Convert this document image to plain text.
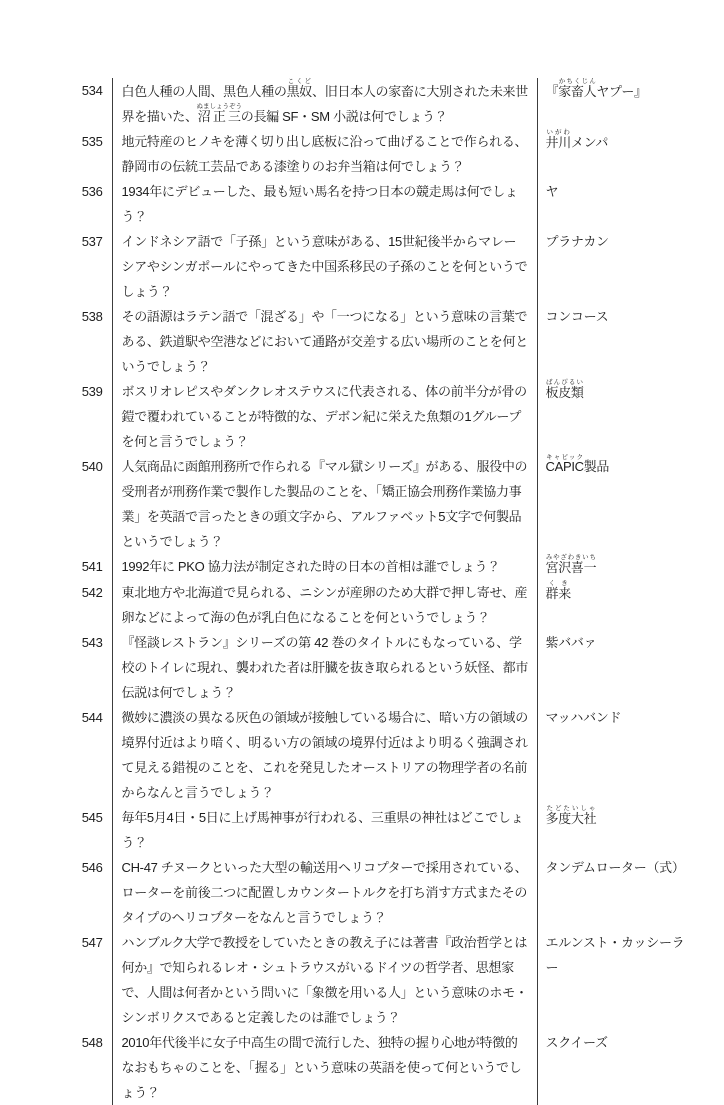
534	白色人種の人間、黒色人種の黒奴こくど、旧日本人の家畜に大別された未来世界を描いた、沼正三ぬましょうぞうの長編 SF・SM 小説は何でしょう？	『家畜人かちくじんヤプー』
535	地元特産のヒノキを薄く切り出し底板に沿って曲げることで作られる、静岡市の伝統工芸品である漆塗りのお弁当箱は何でしょう？	井川いがわメンパ
536	1934年にデビューした、最も短い馬名を持つ日本の競走馬は何でしょう？	ヤ
537	インドネシア語で「子孫」という意味がある、15世紀後半からマレーシアやシンガポールにやってきた中国系移民の子孫のことを何というでしょう？	プラナカン
538	その語源はラテン語で「混ざる」や「一つになる」という意味の言葉である、鉄道駅や空港などにおいて通路が交差する広い場所のことを何というでしょう？	コンコース
539	ボスリオレピスやダンクレオステウスに代表される、体の前半分が骨の鎧で覆われていることが特徴的な、デボン紀に栄えた魚類の1グループを何と言うでしょう？	板皮類ばんぴるい
540	人気商品に函館刑務所で作られる『マル獄シリーズ』がある、服役中の受刑者が刑務作業で製作した製品のことを、「矯正協会刑務作業協力事業」を英語で言ったときの頭文字から、アルファベット5文字で何製品というでしょう？	CAPICキャピック製品
541	1992年に PKO 協力法が制定された時の日本の首相は誰でしょう？	宮沢喜一みやざわきいち
542	東北地方や北海道で見られる、ニシンが産卵のため大群で押し寄せ、産卵などによって海の色が乳白色になることを何というでしょう？	群来くき
543	『怪談レストラン』シリーズの第 42 巻のタイトルにもなっている、学校のトイレに現れ、襲われた者は肝臓を抜き取られるという妖怪、都市伝説は何でしょう？	紫ババァ
544	微妙に濃淡の異なる灰色の領域が接触している場合に、暗い方の領域の境界付近はより暗く、明るい方の領域の境界付近はより明るく強調されて見える錯視のことを、これを発見したオーストリアの物理学者の名前からなんと言うでしょう？	マッハバンド
545	毎年5月4日・5日に上げ馬神事が行われる、三重県の神社はどこでしょう？	多度大社たどたいしゃ
546	CH-47 チヌークといった大型の輸送用ヘリコプターで採用されている、ローターを前後二つに配置しカウンタートルクを打ち消す方式またそのタイプのヘリコプターをなんと言うでしょう？	タンデムローター（式）
547	ハンブルク大学で教授をしていたときの教え子には著書『政治哲学とは何か』で知られるレオ・シュトラウスがいるドイツの哲学者、思想家で、人間は何者かという問いに「象徴を用いる人」という意味のホモ・シンボリクスであると定義したのは誰でしょう？	エルンスト・カッシーラー
548	2010年代後半に女子中高生の間で流行した、独特の握り心地が特徴的なおもちゃのことを、「握る」という意味の英語を使って何というでしょう？	スクイーズ
